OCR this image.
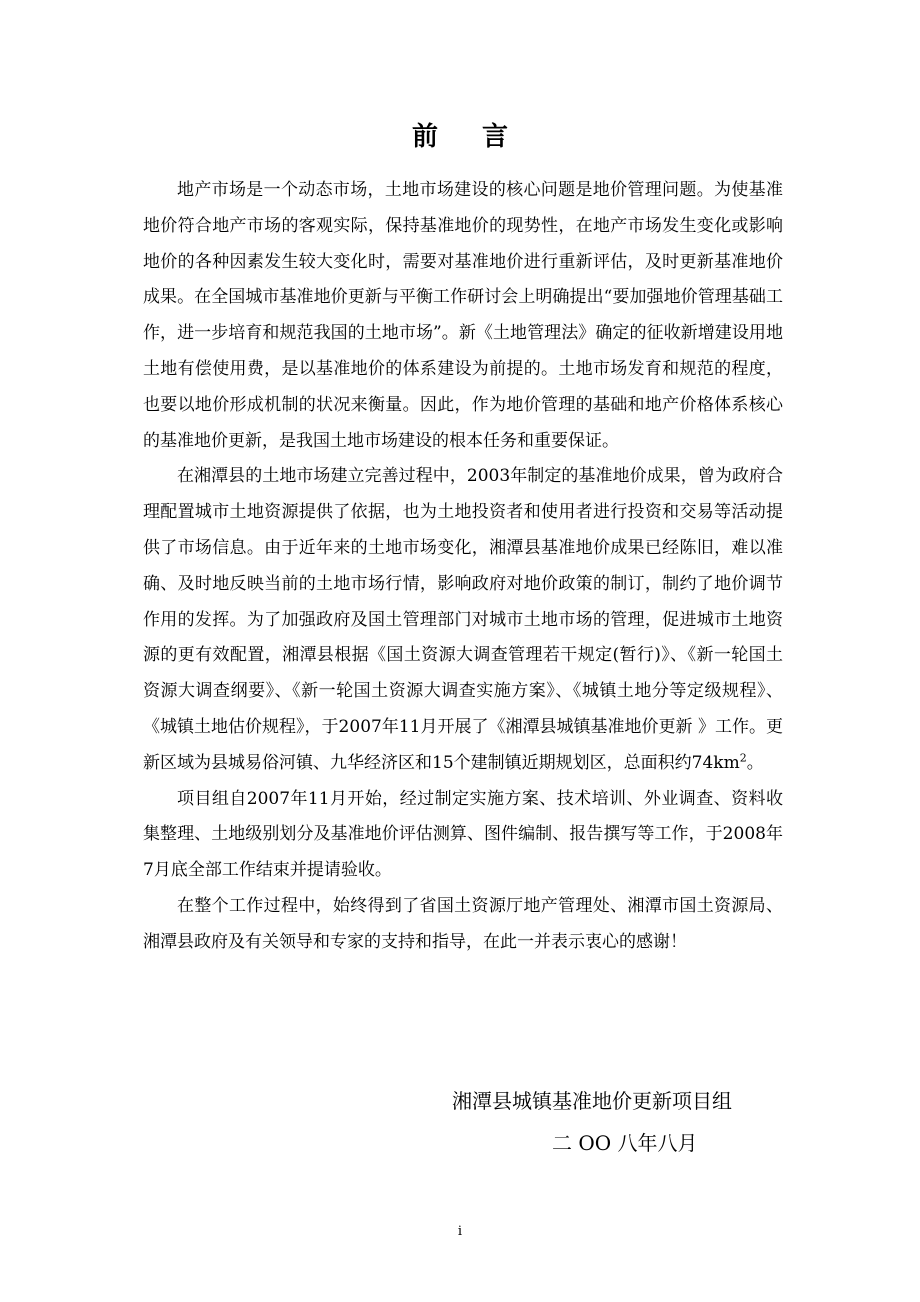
前言

地产市场是一个动态市场，土地市场建设的核心问题是地价管理问题。为使基准地价符合地产市场的客观实际，保持基准地价的现势性，在地产市场发生变化或影响地价的各种因素发生较大变化时，需要对基准地价进行重新评估，及时更新基准地价成果。在全国城市基准地价更新与平衡工作研讨会上明确提出“要加强地价管理基础工作，进一步培育和规范我国的土地市场”。新《土地管理法》确定的征收新增建设用地土地有偿使用费，是以基准地价的体系建设为前提的。土地市场发育和规范的程度，也要以地价形成机制的状况来衡量。因此，作为地价管理的基础和地产价格体系核心的基准地价更新，是我国土地市场建设的根本任务和重要保证。

在湘潭县的土地市场建立完善过程中，2003年制定的基准地价成果，曾为政府合理配置城市土地资源提供了依据，也为土地投资者和使用者进行投资和交易等活动提供了市场信息。由于近年来的土地市场变化，湘潭县基准地价成果已经陈旧，难以准确、及时地反映当前的土地市场行情，影响政府对地价政策的制订，制约了地价调节作用的发挥。为了加强政府及国土管理部门对城市土地市场的管理，促进城市土地资源的更有效配置，湘潭县根据《国土资源大调查管理若干规定(暂行)》、《新一轮国土资源大调查纲要》、《新一轮国土资源大调查实施方案》、《城镇土地分等定级规程》、《城镇土地估价规程》，于2007年11月开展了《湘潭县城镇基准地价更新 》工作。更新区域为县城易俗河镇、九华经济区和15个建制镇近期规划区，总面积约$74km^2$。

项目组自2007年11月开始，经过制定实施方案、技术培训、外业调查、资料收集整理、土地级别划分及基准地价评估测算、图件编制、报告撰写等工作，于2008年7月底全部工作结束并提请验收。

在整个工作过程中，始终得到了省国土资源厅地产管理处、湘潭市国土资源局、湘潭县政府及有关领导和专家的支持和指导，在此一并表示衷心的感谢！

湘潭县城镇基准地价更新项目组
二 OO 八年八月
i
